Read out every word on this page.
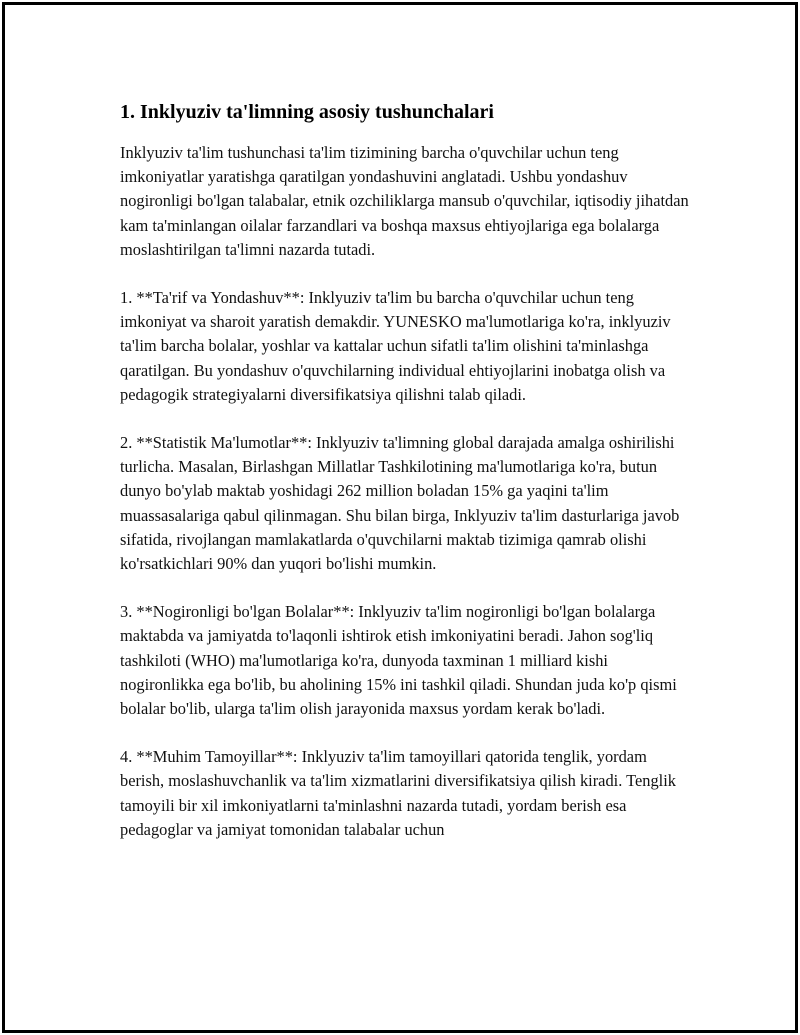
1. Inklyuziv ta'limning asosiy tushunchalari

Inklyuziv ta'lim tushunchasi ta'lim tizimining barcha o'quvchilar uchun teng imkoniyatlar yaratishga qaratilgan yondashuvini anglatadi. Ushbu yondashuv nogironligi bo'lgan talabalar, etnik ozchiliklarga mansub o'quvchilar, iqtisodiy jihatdan kam ta'minlangan oilalar farzandlari va boshqa maxsus ehtiyojlariga ega bolalarga moslashtirilgan ta'limni nazarda tutadi.

1. **Ta'rif va Yondashuv**: Inklyuziv ta'lim bu barcha o'quvchilar uchun teng imkoniyat va sharoit yaratish demakdir. YUNESKO ma'lumotlariga ko'ra, inklyuziv ta'lim barcha bolalar, yoshlar va kattalar uchun sifatli ta'lim olishini ta'minlashga qaratilgan. Bu yondashuv o'quvchilarning individual ehtiyojlarini inobatga olish va pedagogik strategiyalarni diversifikatsiya qilishni talab qiladi.

2. **Statistik Ma'lumotlar**: Inklyuziv ta'limning global darajada amalga oshirilishi turlicha. Masalan, Birlashgan Millatlar Tashkilotining ma'lumotlariga ko'ra, butun dunyo bo'ylab maktab yoshidagi 262 million boladan 15% ga yaqini ta'lim muassasalariga qabul qilinmagan. Shu bilan birga, Inklyuziv ta'lim dasturlariga javob sifatida, rivojlangan mamlakatlarda o'quvchilarni maktab tizimiga qamrab olishi ko'rsatkichlari 90% dan yuqori bo'lishi mumkin.

3. **Nogironligi bo'lgan Bolalar**: Inklyuziv ta'lim nogironligi bo'lgan bolalarga maktabda va jamiyatda to'laqonli ishtirok etish imkoniyatini beradi. Jahon sog'liq tashkiloti (WHO) ma'lumotlariga ko'ra, dunyoda taxminan 1 milliard kishi nogironlikka ega bo'lib, bu aholining 15% ini tashkil qiladi. Shundan juda ko'p qismi bolalar bo'lib, ularga ta'lim olish jarayonida maxsus yordam kerak bo'ladi.

4. **Muhim Tamoyillar**: Inklyuziv ta'lim tamoyillari qatorida tenglik, yordam berish, moslashuvchanlik va ta'lim xizmatlarini diversifikatsiya qilish kiradi. Tenglik tamoyili bir xil imkoniyatlarni ta'minlashni nazarda tutadi, yordam berish esa pedagoglar va jamiyat tomonidan talabalar uchun
